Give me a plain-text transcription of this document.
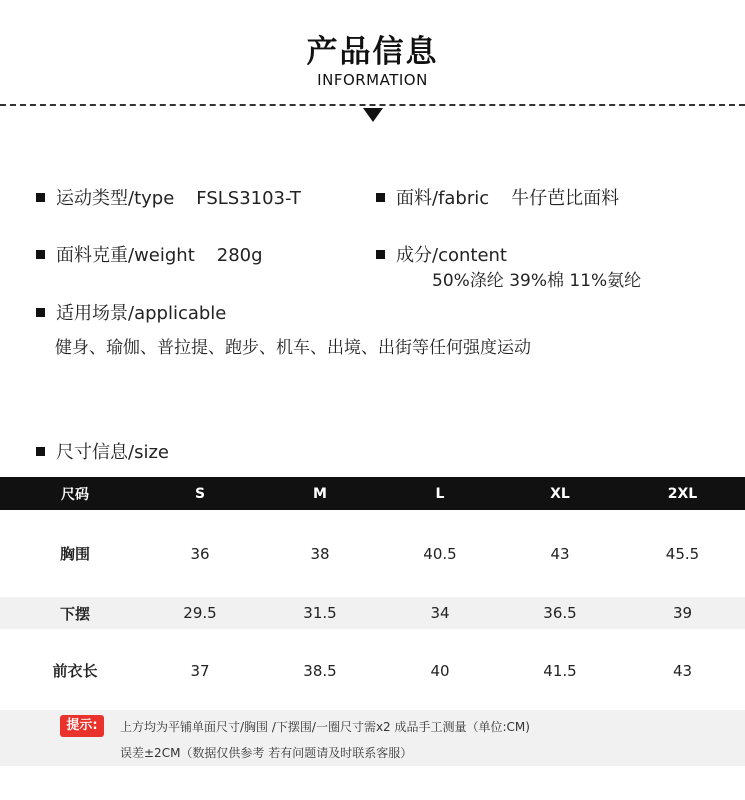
产品信息
INFORMATION
运动类型/type FSLS3103-T	面料/fabric 牛仔芭比面料
面料克重/weight 280g	成分/content
50%涤纶 39%棉 11%氨纶
适用场景/applicable
健身、瑜伽、普拉提、跑步、机车、出境、出街等任何强度运动
尺寸信息/size
尺码	S	M	L	XL	2XL
胸围	36	38	40.5	43	45.5
下摆	29.5	31.5	34	36.5	39
前衣长	37	38.5	40	41.5	43
提示:	上方均为平铺单面尺寸/胸围 /下摆围/一圈尺寸需x2 成品手工测量（单位:CM)
误差±2CM（数据仅供参考 若有问题请及时联系客服）
